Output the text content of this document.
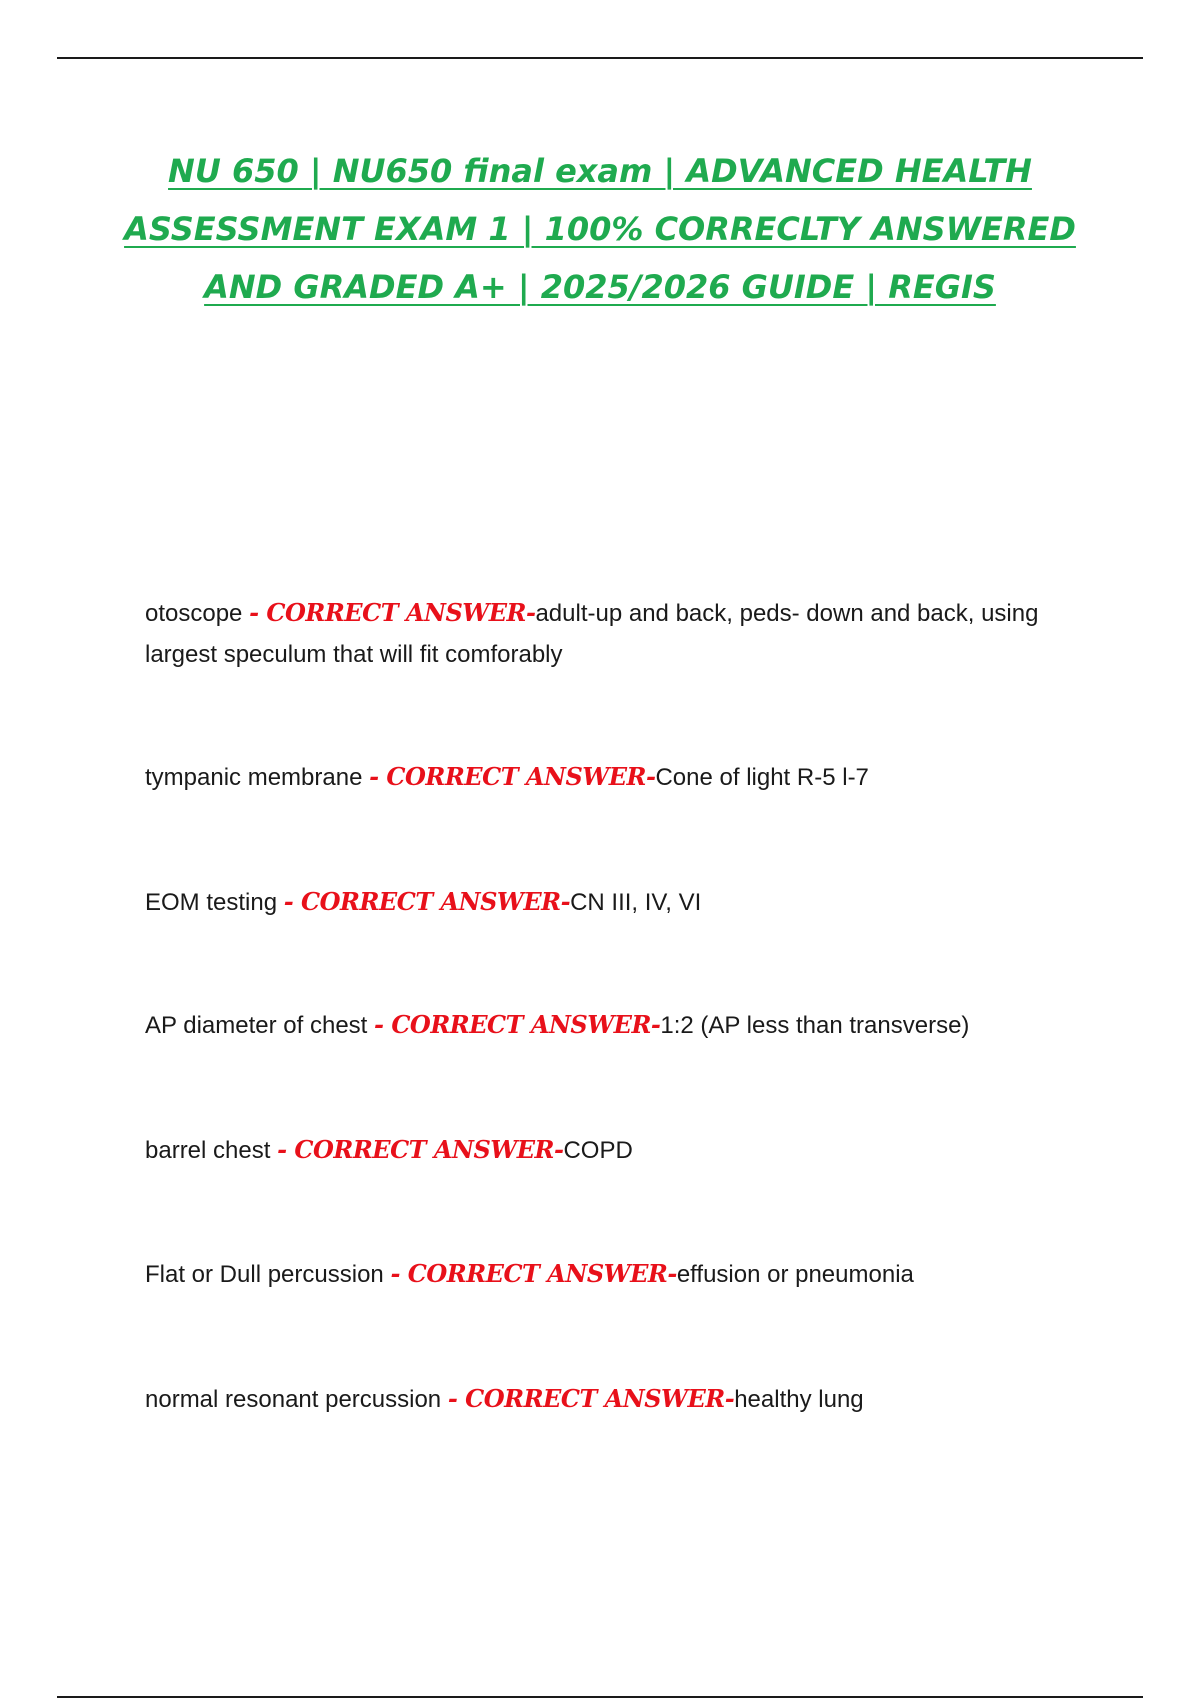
NU 650 | NU650 final exam | ADVANCED HEALTH
ASSESSMENT EXAM 1 | 100% CORRECLTY ANSWERED
AND GRADED A+ | 2025/2026 GUIDE | REGIS

otoscope - CORRECT ANSWER-adult-up and back, peds- down and back, using largest speculum that will fit comforably

tympanic membrane - CORRECT ANSWER-Cone of light R-5 l-7

EOM testing - CORRECT ANSWER-CN III, IV, VI

AP diameter of chest - CORRECT ANSWER-1:2 (AP less than transverse)

barrel chest - CORRECT ANSWER-COPD

Flat or Dull percussion - CORRECT ANSWER-effusion or pneumonia

normal resonant percussion - CORRECT ANSWER-healthy lung
